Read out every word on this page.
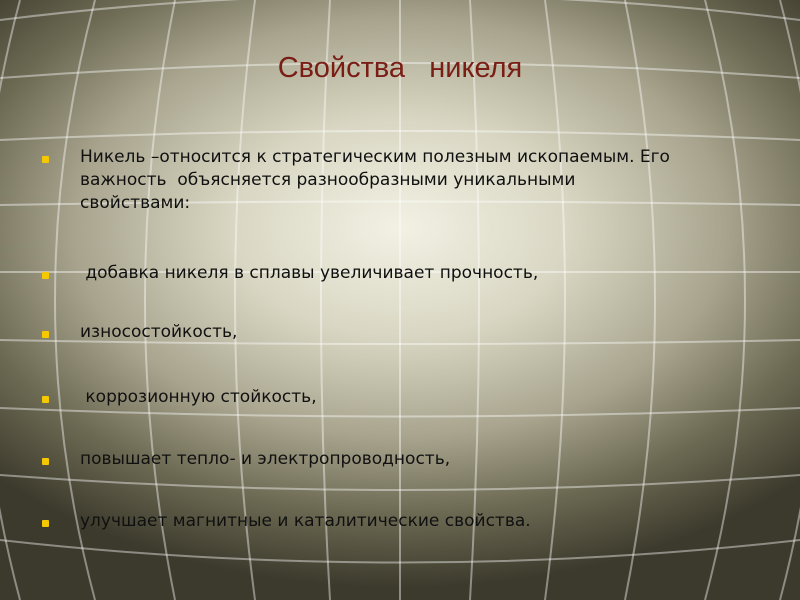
Свойства   никеля
Никель –относится к стратегическим полезным ископаемым. Его важность  объясняется разнообразными уникальными свойствами:
добавка никеля в сплавы увеличивает прочность,
износостойкость,
коррозионную стойкость,
повышает тепло- и электропроводность,
улучшает магнитные и каталитические свойства.
